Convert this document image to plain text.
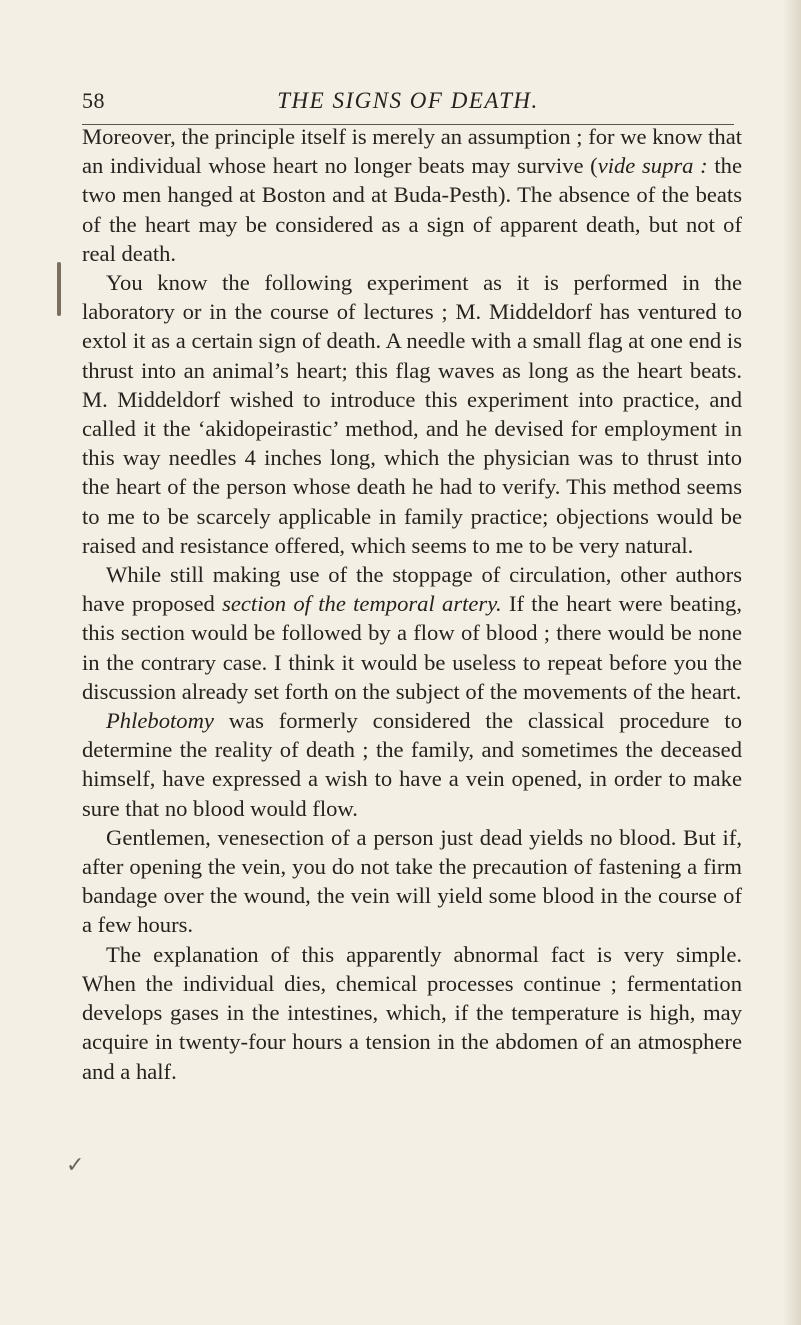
58	THE SIGNS OF DEATH.
✓

Moreover, the principle itself is merely an assumption ; for we know that an individual whose heart no longer beats may survive (vide supra : the two men hanged at Boston and at Buda-Pesth). The absence of the beats of the heart may be considered as a sign of apparent death, but not of real death.

You know the following experiment as it is performed in the laboratory or in the course of lectures ; M. Middeldorf has ventured to extol it as a certain sign of death. A needle with a small flag at one end is thrust into an animal’s heart; this flag waves as long as the heart beats. M. Middeldorf wished to introduce this experiment into practice, and called it the ‘akidopeirastic’ method, and he devised for employment in this way needles 4 inches long, which the physician was to thrust into the heart of the person whose death he had to verify. This method seems to me to be scarcely applicable in family practice; objections would be raised and resistance offered, which seems to me to be very natural.

While still making use of the stoppage of circulation, other authors have proposed section of the temporal artery. If the heart were beating, this section would be followed by a flow of blood ; there would be none in the contrary case. I think it would be useless to repeat before you the discussion already set forth on the subject of the movements of the heart.

Phlebotomy was formerly considered the classical procedure to determine the reality of death ; the family, and sometimes the deceased himself, have expressed a wish to have a vein opened, in order to make sure that no blood would flow.

Gentlemen, venesection of a person just dead yields no blood. But if, after opening the vein, you do not take the precaution of fastening a firm bandage over the wound, the vein will yield some blood in the course of a few hours.

The explanation of this apparently abnormal fact is very simple. When the individual dies, chemical processes continue ; fermentation develops gases in the intestines, which, if the temperature is high, may acquire in twenty-four hours a tension in the abdomen of an atmosphere and a half.
